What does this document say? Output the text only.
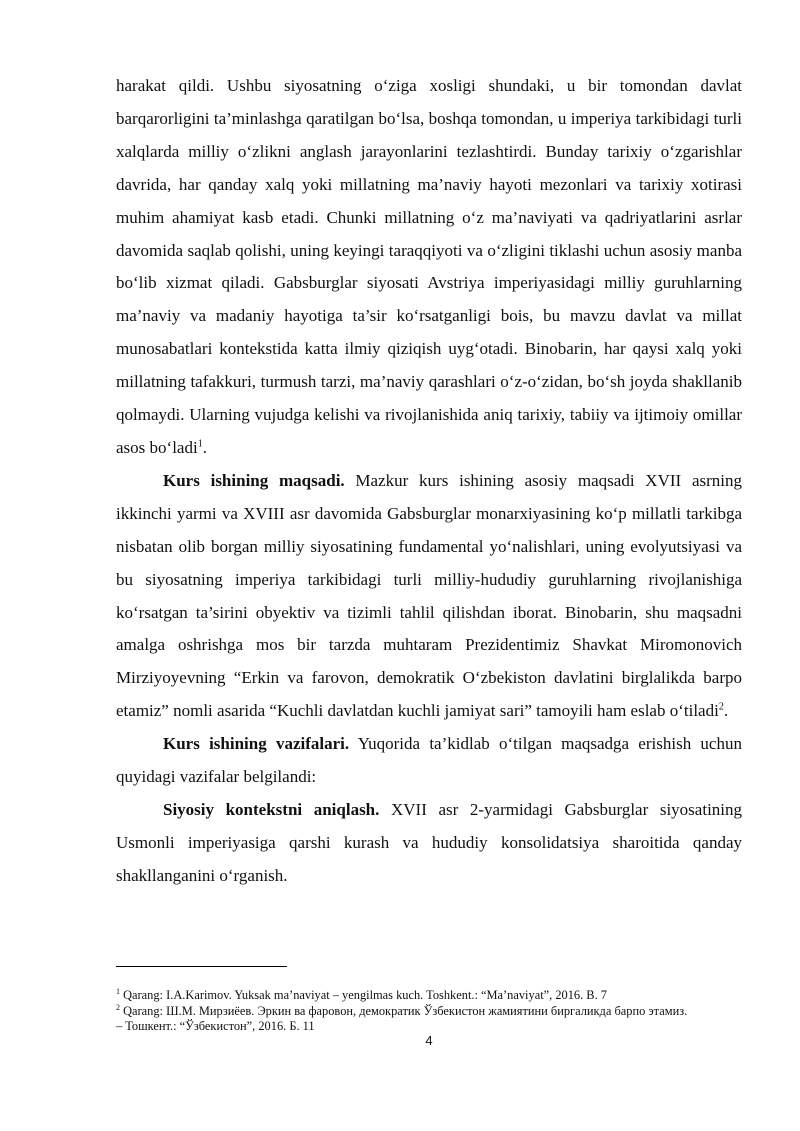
harakat qildi. Ushbu siyosatning o‘ziga xosligi shundaki, u bir tomondan davlat barqarorligini ta’minlashga qaratilgan bo‘lsa, boshqa tomondan, u imperiya tarkibidagi turli xalqlarda milliy o‘zlikni anglash jarayonlarini tezlashtirdi. Bunday tarixiy o‘zgarishlar davrida, har qanday xalq yoki millatning ma’naviy hayoti mezonlari va tarixiy xotirasi muhim ahamiyat kasb etadi. Chunki millatning o‘z ma’naviyati va qadriyatlarini asrlar davomida saqlab qolishi, uning keyingi taraqqiyoti va o‘zligini tiklashi uchun asosiy manba bo‘lib xizmat qiladi. Gabsburglar siyosati Avstriya imperiyasidagi milliy guruhlarning ma’naviy va madaniy hayotiga ta’sir ko‘rsatganligi bois, bu mavzu davlat va millat munosabatlari kontekstida katta ilmiy qiziqish uyg‘otadi. Binobarin, har qaysi xalq yoki millatning tafakkuri, turmush tarzi, ma’naviy qarashlari o‘z-o‘zidan, bo‘sh joyda shakllanib qolmaydi. Ularning vujudga kelishi va rivojlanishida aniq tarixiy, tabiiy va ijtimoiy omillar asos bo‘ladi$^1$.

Kurs ishining maqsadi. Mazkur kurs ishining asosiy maqsadi XVII asrning ikkinchi yarmi va XVIII asr davomida Gabsburglar monarxiyasining ko‘p millatli tarkibga nisbatan olib borgan milliy siyosatining fundamental yo‘nalishlari, uning evolyutsiyasi va bu siyosatning imperiya tarkibidagi turli milliy-hududiy guruhlarning rivojlanishiga ko‘rsatgan ta’sirini obyektiv va tizimli tahlil qilishdan iborat. Binobarin, shu maqsadni amalga oshrishga mos bir tarzda muhtaram Prezidentimiz Shavkat Miromonovich Mirziyoyevning “Erkin va farovon, demokratik O‘zbekiston davlatini birglalikda barpo etamiz” nomli asarida “Kuchli davlatdan kuchli jamiyat sari” tamoyili ham eslab o‘tiladi$^2$.

Kurs ishining vazifalari. Yuqorida ta’kidlab o‘tilgan maqsadga erishish uchun quyidagi vazifalar belgilandi:

Siyosiy kontekstni aniqlash. XVII asr 2-yarmidagi Gabsburglar siyosatining Usmonli imperiyasiga qarshi kurash va hududiy konsolidatsiya sharoitida qanday shakllanganini o‘rganish.

$^1$ Qarang: I.A.Karimov. Yuksak ma’naviyat – yengilmas kuch. Toshkent.: “Ma’naviyat”, 2016. B. 7

$^2$ Qarang: Ш.М. Мирзиёев. Эркин ва фаровон, демократик Ўзбекистон жамиятини биргаликда барпо этамиз.

– Тошкент.: “Ўзбекистон”, 2016. Б. 11

4
